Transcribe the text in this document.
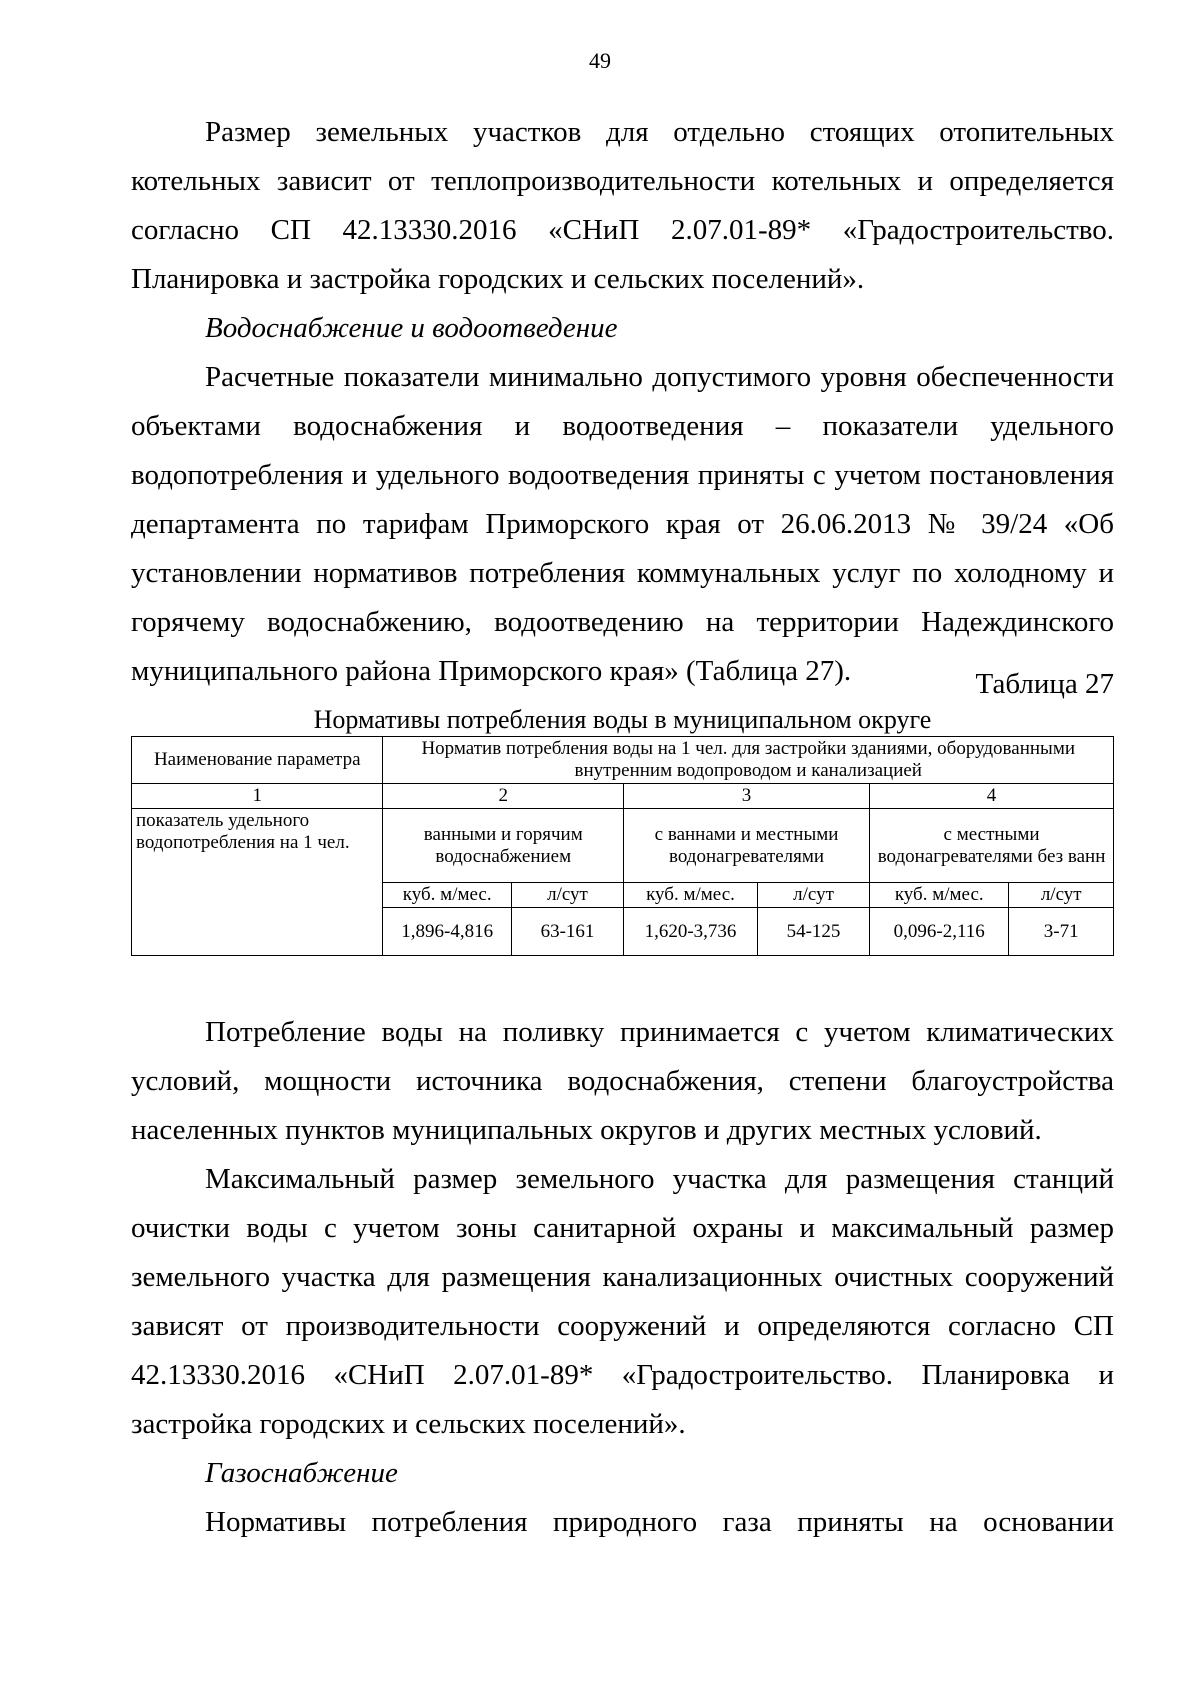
49

Размер земельных участков для отдельно стоящих отопительных котельных зависит от теплопроизводительности котельных и определяется согласно СП 42.13330.2016 «СНиП 2.07.01-89* «Градостроительство. Планировка и застройка городских и сельских поселений».

Водоснабжение и водоотведение

Расчетные показатели минимально допустимого уровня обеспеченности объектами водоснабжения и водоотведения – показатели удельного водопотребления и удельного водоотведения приняты с учетом постановления департамента по тарифам Приморского края от 26.06.2013 № 39/24 «Об установлении нормативов потребления коммунальных услуг по холодному и горячему водоснабжению, водоотведению на территории Надеждинского муниципального района Приморского края» (Таблица 27).	Таблица 27
Нормативы потребления воды в муниципальном округе
Наименование параметра	Норматив потребления воды на 1 чел. для застройки зданиями, оборудованными внутренним водопроводом и канализацией					
1	2		3		4	
показатель удельного водопотребления на 1 чел.	ванными и горячим водоснабжением		с ваннами и местными водонагревателями		с местными водонагревателями без ванн	
	куб. м/мес.	л/сут	куб. м/мес.	л/сут	куб. м/мес.	л/сут
	1,896-4,816	63-161	1,620-3,736	54-125	0,096-2,116	3-71

Потребление воды на поливку принимается с учетом климатических условий, мощности источника водоснабжения, степени благоустройства населенных пунктов муниципальных округов и других местных условий.

Максимальный размер земельного участка для размещения станций очистки воды с учетом зоны санитарной охраны и максимальный размер земельного участка для размещения канализационных очистных сооружений зависят от производительности сооружений и определяются согласно СП 42.13330.2016 «СНиП 2.07.01-89* «Градостроительство. Планировка и застройка городских и сельских поселений».

Газоснабжение

Нормативы потребления природного газа приняты на основании
